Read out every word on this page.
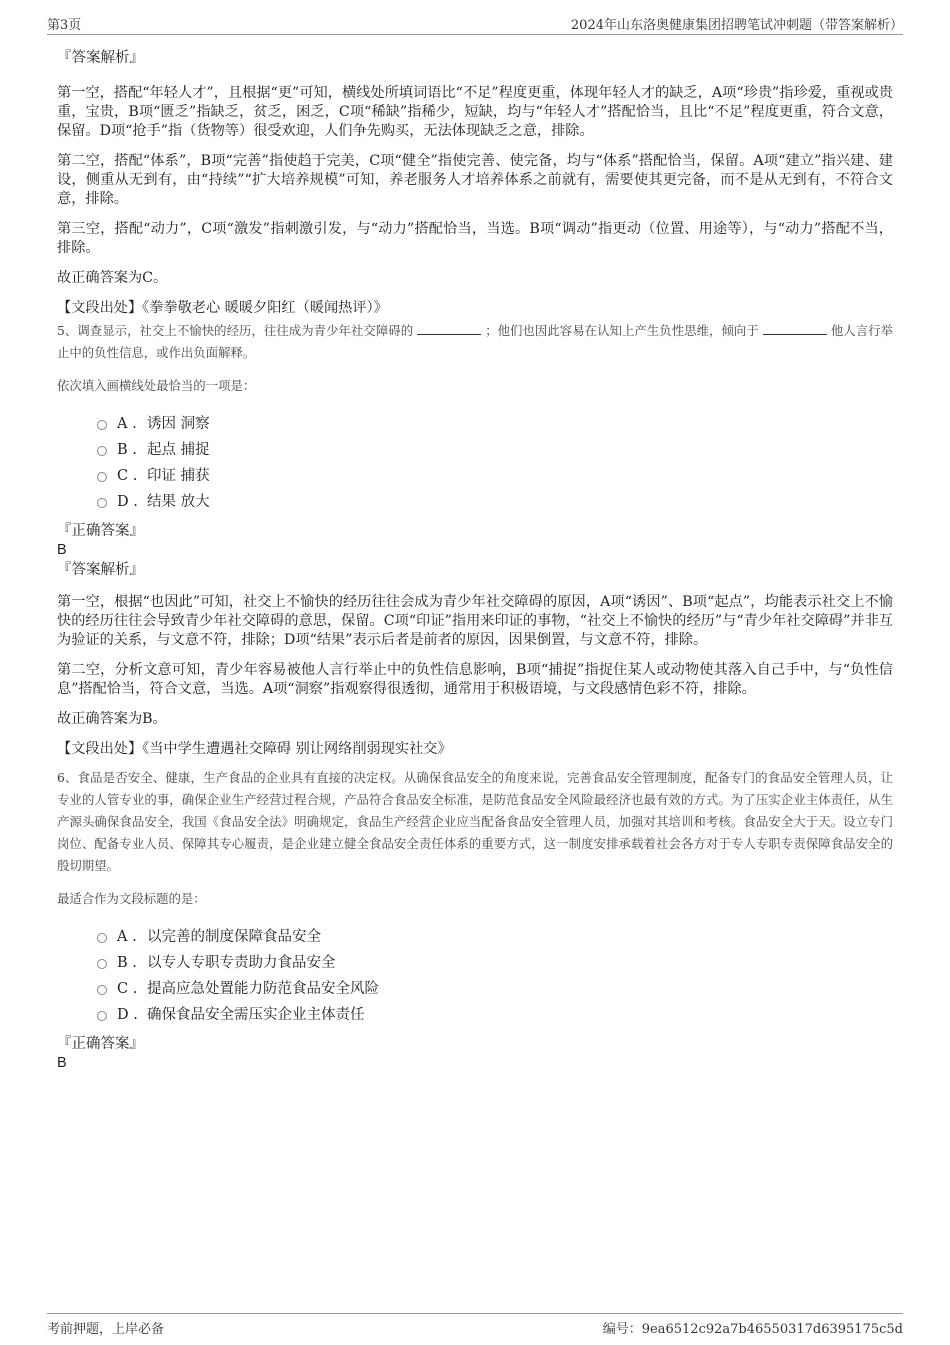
第3页	2024年山东洛奥健康集团招聘笔试冲刺题（带答案解析）

『答案解析』

第一空，搭配“年轻人才”，且根据“更”可知，横线处所填词语比“不足”程度更重，体现年轻人才的缺乏，A项“珍贵”指珍爱，重视或贵重，宝贵，B项“匮乏”指缺乏，贫乏，困乏，C项“稀缺”指稀少，短缺，均与“年轻人才”搭配恰当，且比“不足”程度更重，符合文意，保留。D项“抢手”指（货物等）很受欢迎，人们争先购买，无法体现缺乏之意，排除。

第二空，搭配“体系”，B项“完善”指使趋于完美，C项“健全”指使完善、使完备，均与“体系”搭配恰当，保留。A项“建立”指兴建、建设，侧重从无到有，由“持续”“扩大培养规模”可知，养老服务人才培养体系之前就有，需要使其更完备，而不是从无到有，不符合文意，排除。

第三空，搭配“动力”，C项“激发”指刺激引发，与“动力”搭配恰当，当选。B项“调动”指更动（位置、用途等），与“动力”搭配不当，排除。

故正确答案为C。

【文段出处】《拳拳敬老心 暖暖夕阳红（暖闻热评）》

5、调查显示，社交上不愉快的经历，往往成为青少年社交障碍的	；他们也因此容易在认知上产生负性思维，倾向于	他人言行举止中的负性信息，或作出负面解释。

依次填入画横线处最恰当的一项是：

A . 诱因 洞察
B . 起点 捕捉
C . 印证 捕获
D . 结果 放大

『正确答案』

B

『答案解析』

第一空，根据“也因此”可知，社交上不愉快的经历往往会成为青少年社交障碍的原因，A项“诱因”、B项“起点”，均能表示社交上不愉快的经历往往会导致青少年社交障碍的意思，保留。C项“印证”指用来印证的事物，“社交上不愉快的经历”与“青少年社交障碍”并非互为验证的关系，与文意不符，排除；D项“结果”表示后者是前者的原因，因果倒置，与文意不符，排除。

第二空，分析文意可知，青少年容易被他人言行举止中的负性信息影响，B项“捕捉”指捉住某人或动物使其落入自己手中，与“负性信息”搭配恰当，符合文意，当选。A项“洞察”指观察得很透彻，通常用于积极语境，与文段感情色彩不符，排除。

故正确答案为B。

【文段出处】《当中学生遭遇社交障碍 别让网络削弱现实社交》

6、食品是否安全、健康，生产食品的企业具有直接的决定权。从确保食品安全的角度来说，完善食品安全管理制度，配备专门的食品安全管理人员，让专业的人管专业的事，确保企业生产经营过程合规，产品符合食品安全标准，是防范食品安全风险最经济也最有效的方式。为了压实企业主体责任，从生产源头确保食品安全，我国《食品安全法》明确规定，食品生产经营企业应当配备食品安全管理人员，加强对其培训和考核。食品安全大于天。设立专门岗位、配备专业人员、保障其专心履责，是企业建立健全食品安全责任体系的重要方式，这一制度安排承载着社会各方对于专人专职专责保障食品安全的殷切期望。

最适合作为文段标题的是：

A . 以完善的制度保障食品安全
B . 以专人专职专责助力食品安全
C . 提高应急处置能力防范食品安全风险
D . 确保食品安全需压实企业主体责任

『正确答案』

B

考前押题，上岸必备	编号：9ea6512c92a7b46550317d6395175c5d
